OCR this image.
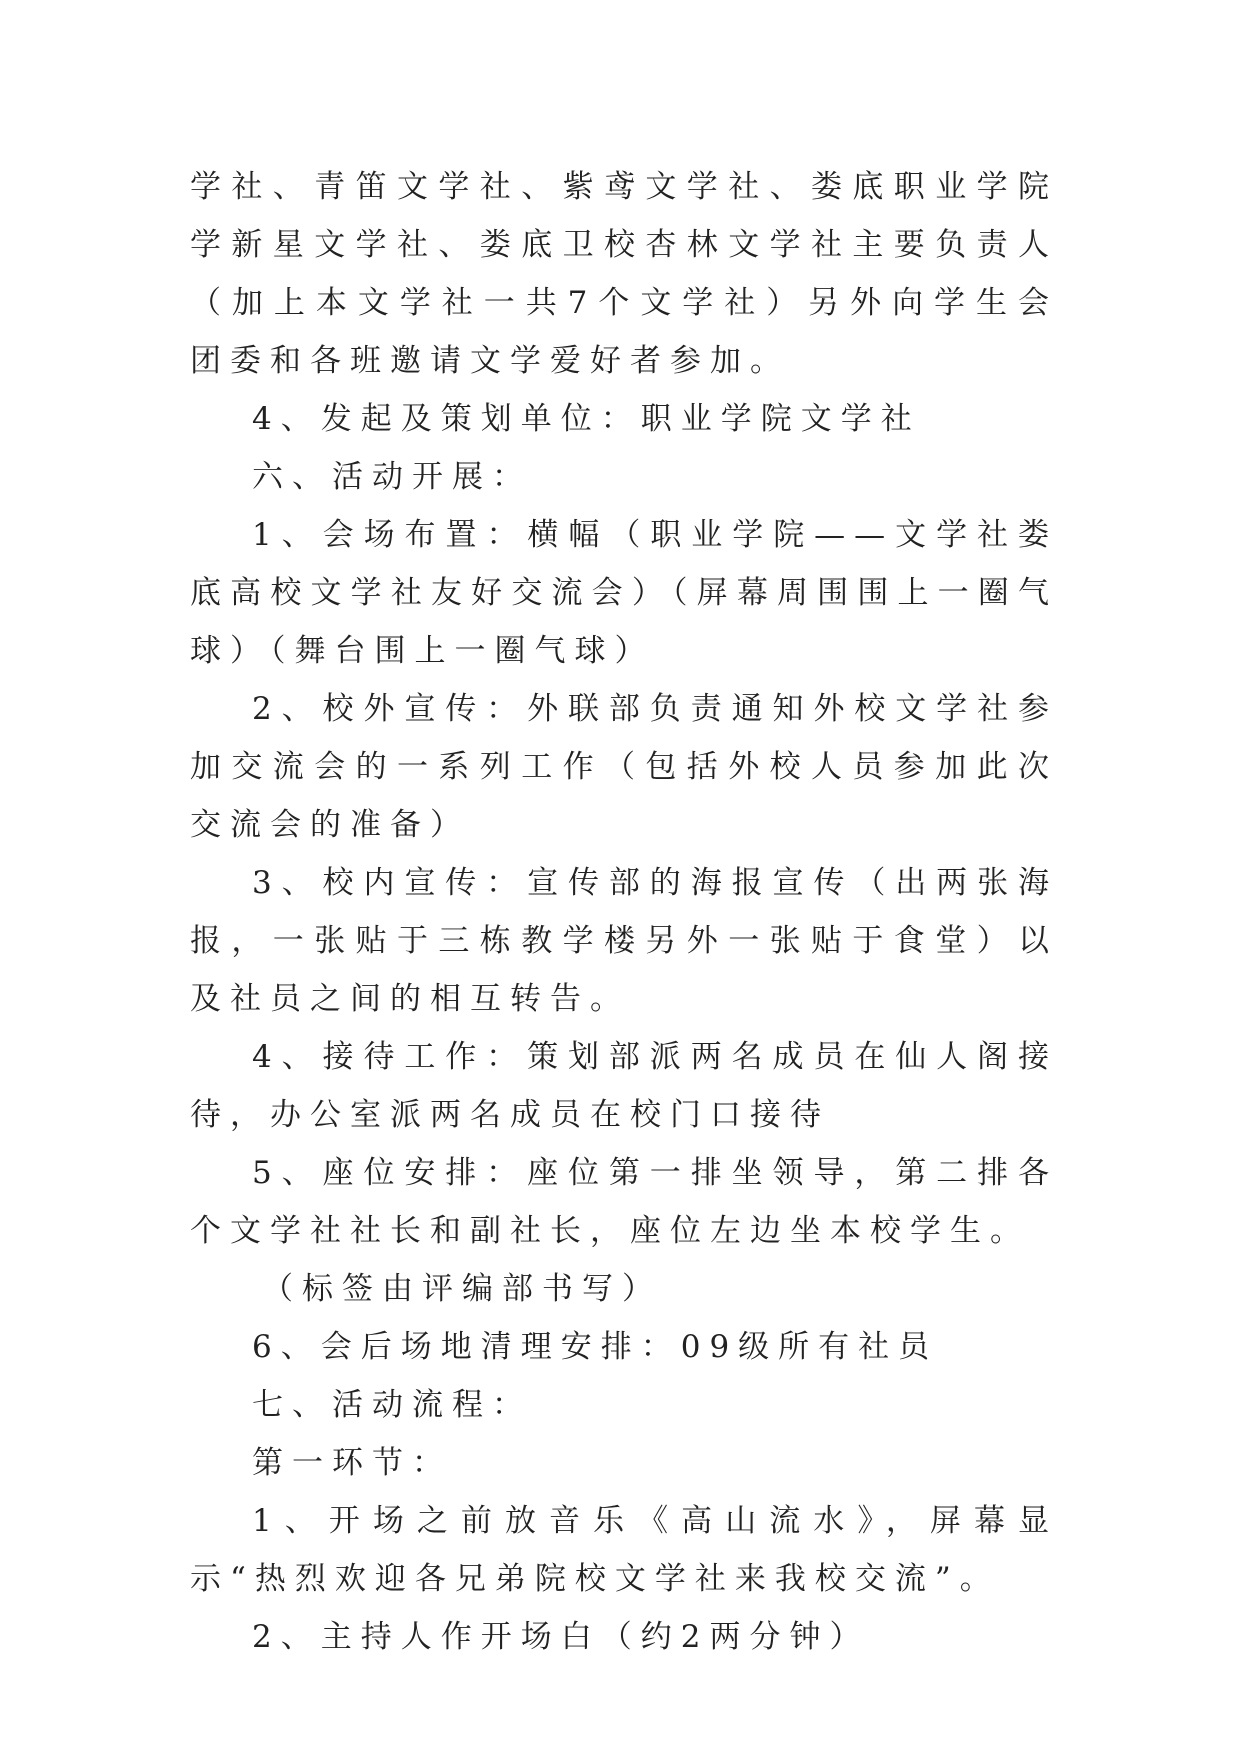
学社、青笛文学社、紫鸢文学社、娄底职业学院学新星文学社、娄底卫校杏林文学社主要负责人（加上本文学社一共7个文学社）另外向学生会团委和各班邀请文学爱好者参加。

4、发起及策划单位：职业学院文学社

六、活动开展：

1、会场布置：横幅（职业学院——文学社娄底高校文学社友好交流会）（屏幕周围围上一圈气球）（舞台围上一圈气球）

2、校外宣传：外联部负责通知外校文学社参加交流会的一系列工作（包括外校人员参加此次交流会的准备）

3、校内宣传：宣传部的海报宣传（出两张海报，一张贴于三栋教学楼另外一张贴于食堂）以及社员之间的相互转告。

4、接待工作：策划部派两名成员在仙人阁接待，办公室派两名成员在校门口接待

5、座位安排：座位第一排坐领导，第二排各个文学社社长和副社长，座位左边坐本校学生。

（标签由评编部书写）

6、会后场地清理安排：09级所有社员

七、活动流程：

第一环节：

1、开场之前放音乐《高山流水》，屏幕显示“热烈欢迎各兄弟院校文学社来我校交流”。

2、主持人作开场白（约2两分钟）
